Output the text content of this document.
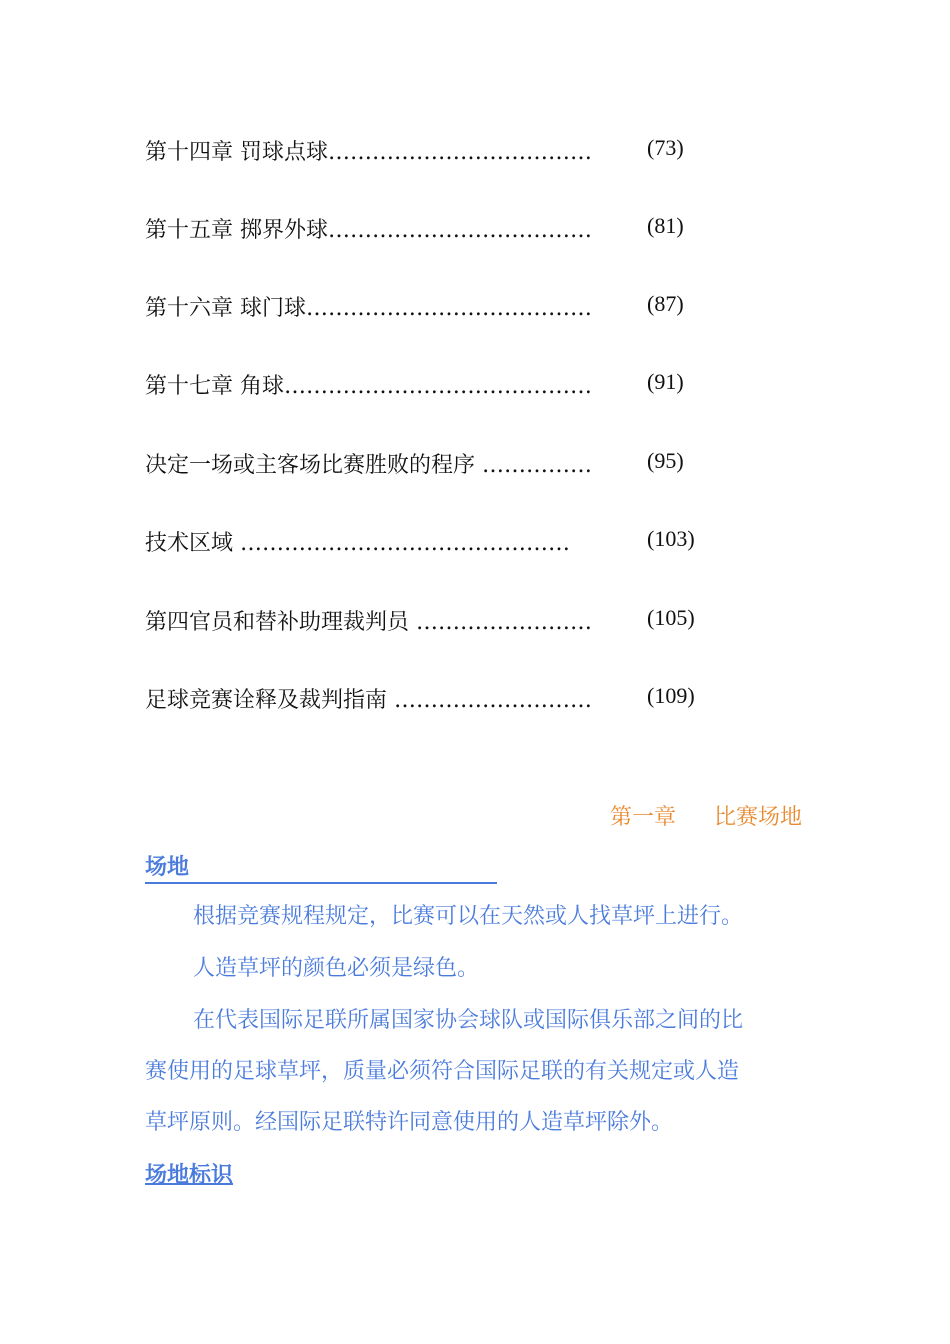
第十四章 罚球点球………………………………	(73)
第十五章 掷界外球………………………………	(81)
第十六章 球门球…………………………………	(87)
第十七章 角球……………………………………	(91)
决定一场或主客场比赛胜败的程序 ……………	(95)
技术区域 ………………………………………	(103)
第四官员和替补助理裁判员 ……………………	(105)
足球竞赛诠释及裁判指南 ………………………	(109)
第一章 比赛场地
场地
根据竞赛规程规定，比赛可以在天然或人找草坪上进行。
人造草坪的颜色必须是绿色。
在代表国际足联所属国家协会球队或国际俱乐部之间的比
赛使用的足球草坪，质量必须符合国际足联的有关规定或人造
草坪原则。经国际足联特许同意使用的人造草坪除外。
场地标识
